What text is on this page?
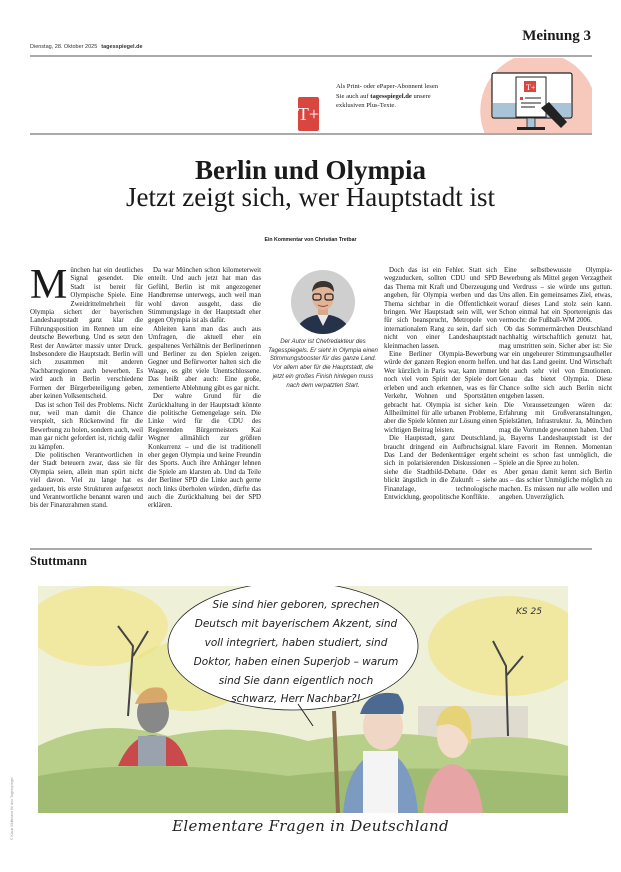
Dienstag, 28. Oktober 2025 tagesspiegel.de
Meinung 3
T+
Als Print- oder ePaper-Abonnent lesen
Sie auch auf tagesspiegel.de unsere
exklusiven Plus-Texte.
T+
Berlin und Olympia
Jetzt zeigt sich, wer Hauptstadt ist
Ein Kommentar von Christian Tretbar

München hat ein deutliches Signal gesendet. Die Stadt ist bereit für Olympische Spiele. Eine Zweidrittelmehrheit für Olympia sichert der bayerischen Landeshauptstadt ganz klar die Führungsposition im Rennen um eine deutsche Bewerbung. Und es setzt den Rest der Anwärter massiv unter Druck. Insbesondere die Hauptstadt. Berlin will sich zusammen mit anderen Nachbarregionen auch bewerben. Es wird auch in Berlin verschiedene Formen der Bürgerbeteiligung geben, aber keinen Volksentscheid.

Das ist schon Teil des Problems. Nicht nur, weil man damit die Chance verspielt, sich Rückenwind für die Bewerbung zu holen, sondern auch, weil man gar nicht gefordert ist, richtig dafür zu kämpfen.

Die politischen Verantwortlichen in der Stadt beteuern zwar, dass sie für Olympia seien, allein man spürt nicht viel davon. Viel zu lange hat es gedauert, bis erste Strukturen aufgesetzt und Verantwortliche benannt waren und bis der Finanzrahmen stand.

Da war München schon kilometerweit enteilt. Und auch jetzt hat man das Gefühl, Berlin ist mit angezogener Handbremse unterwegs, auch weil man wohl davon ausgeht, dass die Stimmungslage in der Hauptstadt eher gegen Olympia ist als dafür.

Ableiten kann man das auch aus Umfragen, die aktuell eher ein gespaltenes Verhältnis der Berlinerinnen und Berliner zu den Spielen zeigen. Gegner und Befürworter halten sich die Waage, es gibt viele Unentschlossene. Das heißt aber auch: Eine große, zementierte Ablehnung gibt es gar nicht.

Der wahre Grund für die Zurückhaltung in der Hauptstadt könnte die politische Gemengelage sein. Die Linke wird für die CDU des Regierenden Bürgermeisters Kai Wegner allmählich zur größten Konkurrenz – und die ist traditionell eher gegen Olympia und keine Freundin des Sports. Auch ihre Anhänger lehnen die Spiele am klarsten ab. Und da Teile der Berliner SPD die Linke auch gerne noch links überholen würden, dürfte das auch die Zurückhaltung bei der SPD erklären.

Der Autor ist Chefredakteur des Tagesspiegels. Er sieht in Olympia einen Stimmungsbooster für das ganze Land. Vor allem aber für die Hauptstadt, die jetzt ein großes Finish hinlegen muss nach dem verpatzten Start.

Doch das ist ein Fehler. Statt sich wegzuducken, sollten CDU und SPD das Thema mit Kraft und Überzeugung angehen, für Olympia werben und das Thema sichtbar in die Öffentlichkeit bringen. Wer Hauptstadt sein will, wer für sich beansprucht, Metropole von internationalem Rang zu sein, darf sich nicht von einer Landeshauptstadt kleinmachen lassen.

Eine Berliner Olympia-Bewerbung würde der ganzen Region enorm helfen. Wer kürzlich in Paris war, kann immer noch viel vom Spirit der Spiele dort erleben und auch erkennen, was es für Verkehr, Wohnen und Sportstätten gebracht hat. Olympia ist sicher kein Allheilmittel für alle urbanen Probleme, aber die Spiele können zur Lösung einen wichtigen Beitrag leisten.

Die Hauptstadt, ganz Deutschland, braucht dringend ein Aufbruchsignal. Das Land der Bedenkenträger ergeht sich in polarisierenden Diskussionen – siehe die Stadtbild-Debatte. Oder es blickt ängstlich in die Zukunft – siehe Finanzlage, technologische Entwicklung, geopolitische Konflikte.

Eine selbstbewusste Olympia-Bewerbung als Mittel gegen Verzagtheit und Verdruss – sie würde uns guttun. Uns allen. Ein gemeinsames Ziel, etwas, worauf dieses Land stolz sein kann. Schon einmal hat ein Sportereignis das vermocht: die Fußball-WM 2006.

Ob das Sommermärchen Deutschland nachhaltig wirtschaftlich genutzt hat, mag umstritten sein. Sicher aber ist: Sie war ein ungeheurer Stimmungsaufheller und hat das Land geeint. Und Wirtschaft lebt auch sehr viel von Emotionen. Genau das bietet Olympia. Diese Chance sollte sich auch Berlin nicht entgehen lassen.

Die Voraussetzungen wären da: Erfahrung mit Großveranstaltungen, Spielstätten, Infrastruktur. Ja, München mag die Vorrunde gewonnen haben. Und ja, Bayerns Landeshauptstadt ist der klare Favorit im Rennen. Momentan scheint es schon fast unmöglich, die Spiele an die Spree zu holen.

Aber genau damit kennt sich Berlin aus – das schier Unmögliche möglich zu machen. Es müssen nur alle wollen und angehen. Unverzüglich.

Stuttmann
Sie sind hier geboren, sprechen
Deutsch mit bayerischem Akzent, sind
voll integriert, haben studiert, sind
Doktor, haben einen Superjob – warum
sind Sie dann eigentlich noch
schwarz, Herr Nachbar?!
KS 25
Elementare Fragen in Deutschland
© Klaus Stuttmann für den Tagesspiegel
